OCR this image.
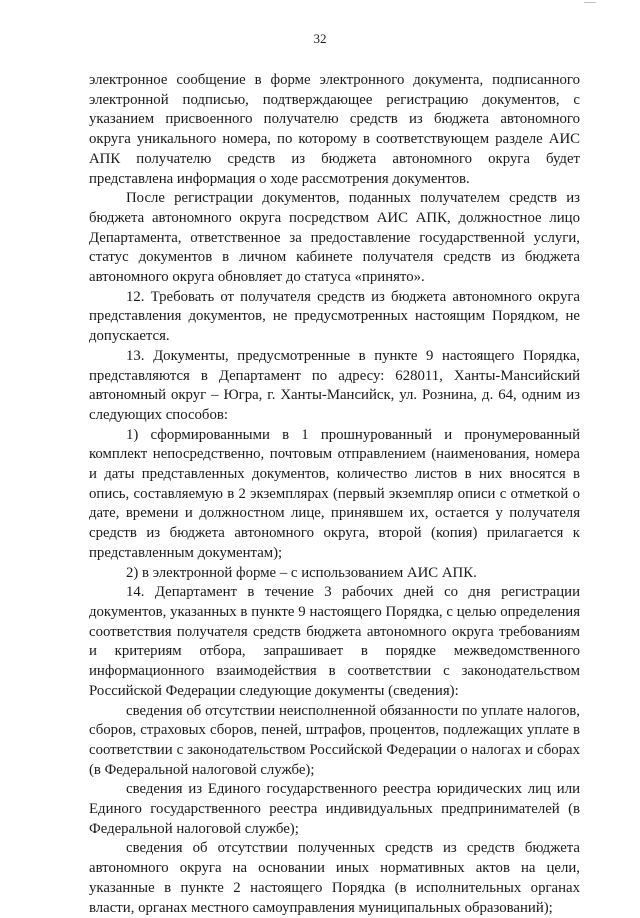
32

электронное сообщение в форме электронного документа, подписанного электронной подписью, подтверждающее регистрацию документов, с указанием присвоенного получателю средств из бюджета автономного округа уникального номера, по которому в соответствующем разделе АИС АПК получателю средств из бюджета автономного округа будет представлена информация о ходе рассмотрения документов.

После регистрации документов, поданных получателем средств из бюджета автономного округа посредством АИС АПК, должностное лицо Департамента, ответственное за предоставление государственной услуги, статус документов в личном кабинете получателя средств из бюджета автономного округа обновляет до статуса «принято».

12. Требовать от получателя средств из бюджета автономного округа представления документов, не предусмотренных настоящим Порядком, не допускается.

13. Документы, предусмотренные в пункте 9 настоящего Порядка, представляются в Департамент по адресу: 628011, Ханты-Мансийский автономный округ – Югра, г. Ханты-Мансийск, ул. Рознина, д. 64, одним из следующих способов:

1) сформированными в 1 прошнурованный и пронумерованный комплект непосредственно, почтовым отправлением (наименования, номера и даты представленных документов, количество листов в них вносятся в опись, составляемую в 2 экземплярах (первый экземпляр описи с отметкой о дате, времени и должностном лице, принявшем их, остается у получателя средств из бюджета автономного округа, второй (копия) прилагается к представленным документам);

2) в электронной форме – с использованием АИС АПК.

14. Департамент в течение 3 рабочих дней со дня регистрации документов, указанных в пункте 9 настоящего Порядка, с целью определения соответствия получателя средств бюджета автономного округа требованиям и критериям отбора, запрашивает в порядке межведомственного информационного взаимодействия в соответствии с законодательством Российской Федерации следующие документы (сведения):

сведения об отсутствии неисполненной обязанности по уплате налогов, сборов, страховых сборов, пеней, штрафов, процентов, подлежащих уплате в соответствии с законодательством Российской Федерации о налогах и сборах (в Федеральной налоговой службе);

сведения из Единого государственного реестра юридических лиц или Единого государственного реестра индивидуальных предпринимателей (в Федеральной налоговой службе);

сведения об отсутствии полученных средств из средств бюджета автономного округа на основании иных нормативных актов на цели, указанные в пункте 2 настоящего Порядка (в исполнительных органах власти, органах местного самоуправления муниципальных образований);
